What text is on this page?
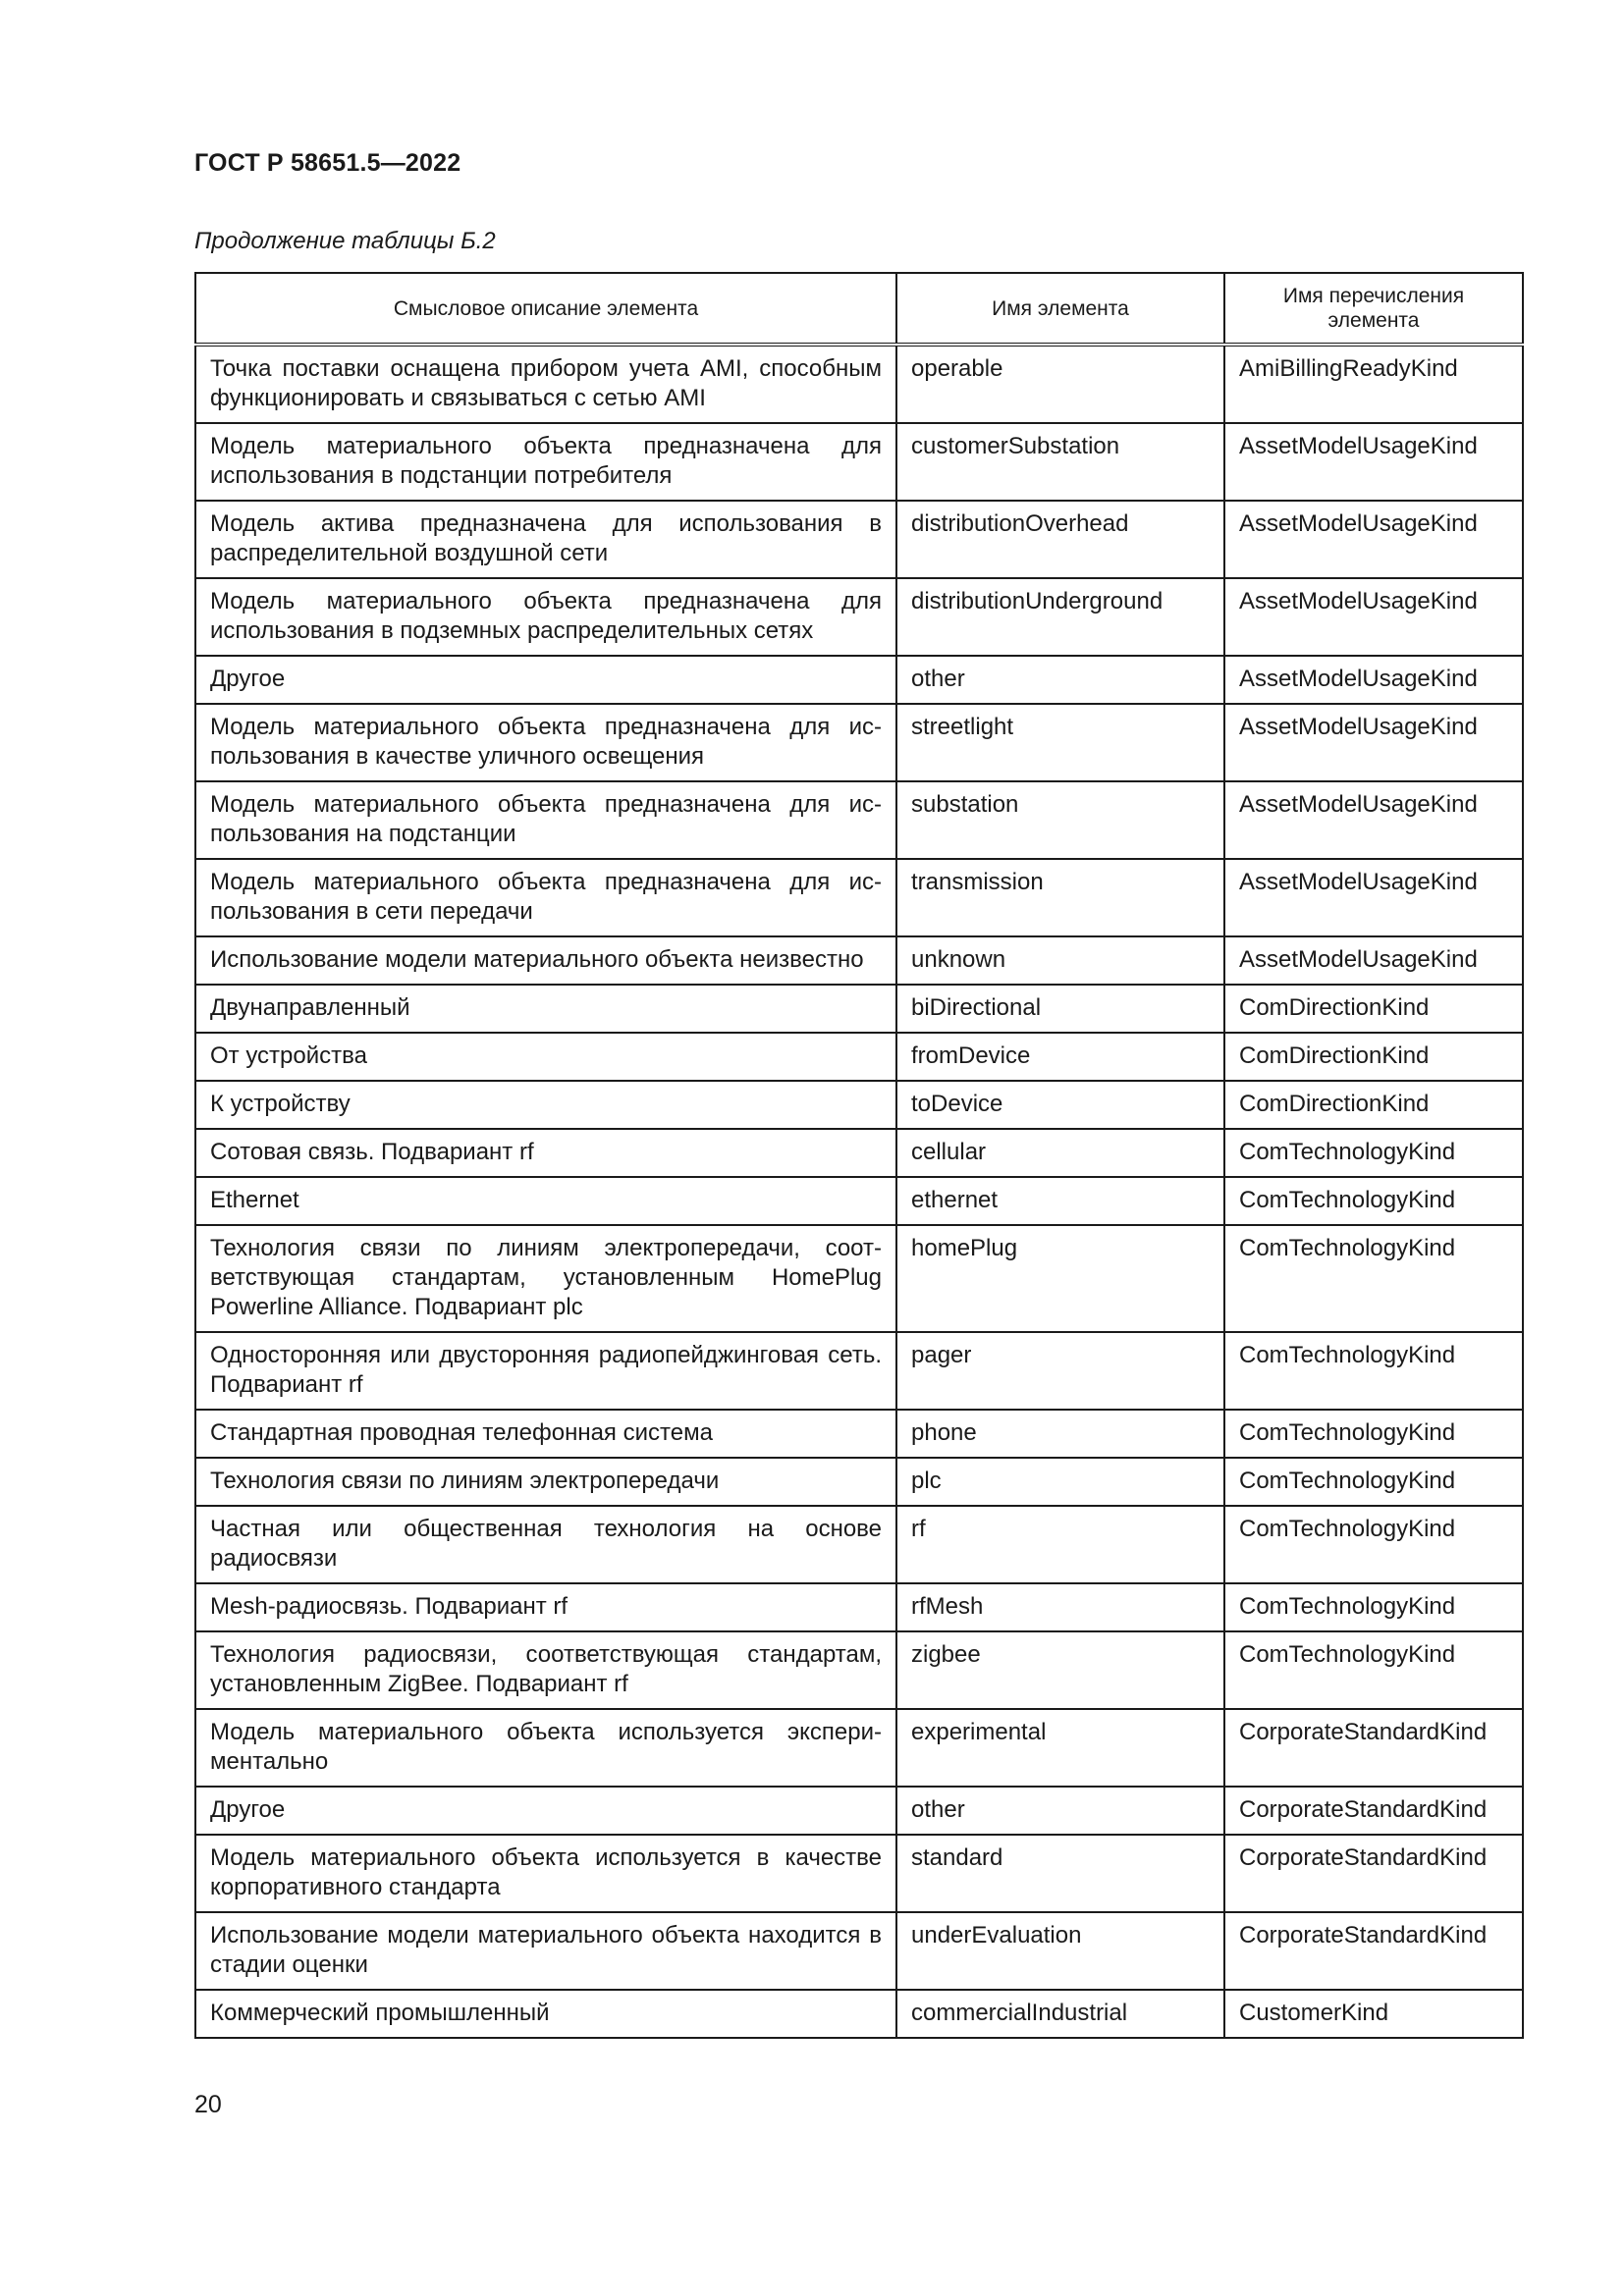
ГОСТ Р 58651.5—2022
Продолжение таблицы Б.2
Смысловое описание элемента	Имя элемента	Имя перечисления элемента
Точка поставки оснащена прибором учета AMI, способным функционировать и связываться с сетью AMI	operable	AmiBillingReadyKind
Модель материального объекта предназначена для использования в подстанции потребителя	customerSubstation	AssetModelUsageKind
Модель актива предназначена для использования в распределительной воздушной сети	distributionOverhead	AssetModelUsageKind
Модель материального объекта предназначена для использования в подземных распределительных сетях	distributionUnderground	AssetModelUsageKind
Другое	other	AssetModelUsageKind
Модель материального объекта предназначена для использования в качестве уличного освещения	streetlight	AssetModelUsageKind
Модель материального объекта предназначена для использования на подстанции	substation	AssetModelUsageKind
Модель материального объекта предназначена для использования в сети передачи	transmission	AssetModelUsageKind
Использование модели материального объекта неизвестно	unknown	AssetModelUsageKind
Двунаправленный	biDirectional	ComDirectionKind
От устройства	fromDevice	ComDirectionKind
К устройству	toDevice	ComDirectionKind
Сотовая связь. Подвариант rf	cellular	ComTechnologyKind
Ethernet	ethernet	ComTechnologyKind
Технология связи по линиям электропередачи, соответствующая стандартам, установленным HomePlug Powerline Alliance. Подвариант plc	homePlug	ComTechnologyKind
Односторонняя или двусторонняя радиопейджинговая сеть. Подвариант rf	pager	ComTechnologyKind
Стандартная проводная телефонная система	phone	ComTechnologyKind
Технология связи по линиям электропередачи	plc	ComTechnologyKind
Частная или общественная технология на основе радиосвязи	rf	ComTechnologyKind
Mesh-радиосвязь. Подвариант rf	rfMesh	ComTechnologyKind
Технология радиосвязи, соответствующая стандартам, установленным ZigBee. Подвариант rf	zigbee	ComTechnologyKind
Модель материального объекта используется экспериментально	experimental	CorporateStandardKind
Другое	other	CorporateStandardKind
Модель материального объекта используется в качестве корпоративного стандарта	standard	CorporateStandardKind
Использование модели материального объекта находится в стадии оценки	underEvaluation	CorporateStandardKind
Коммерческий промышленный	commercialIndustrial	CustomerKind
20
